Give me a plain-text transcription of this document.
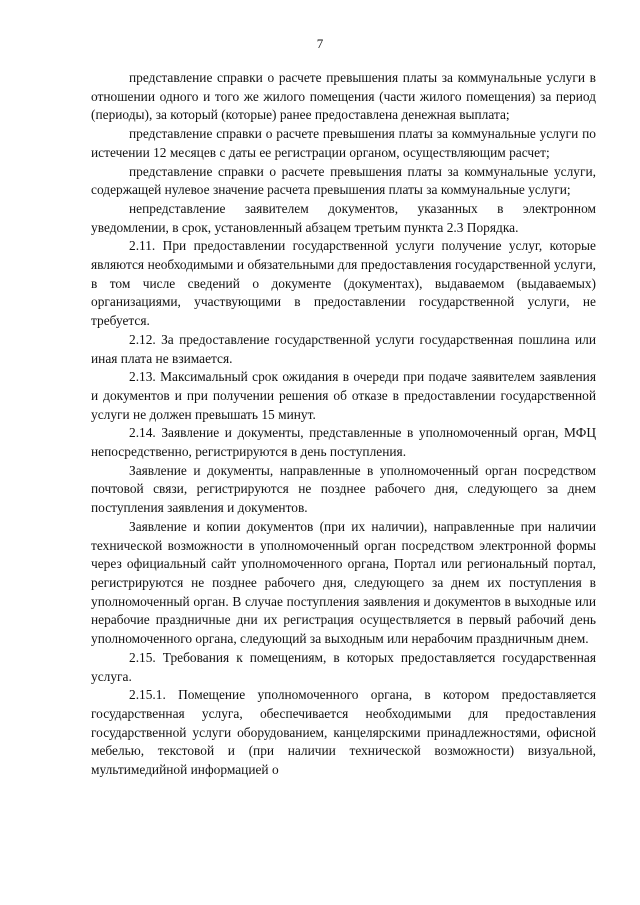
7

представление справки о расчете превышения платы за коммунальные услуги в отношении одного и того же жилого помещения (части жилого помещения) за период (периоды), за который (которые) ранее предоставлена денежная выплата;

представление справки о расчете превышения платы за коммунальные услуги по истечении 12 месяцев с даты ее регистрации органом, осуществляющим расчет;

представление справки о расчете превышения платы за коммунальные услуги, содержащей нулевое значение расчета превышения платы за коммунальные услуги;

непредставление заявителем документов, указанных в электронном уведомлении, в срок, установленный абзацем третьим пункта 2.3 Порядка.

2.11. При предоставлении государственной услуги получение услуг, которые являются необходимыми и обязательными для предоставления государственной услуги, в том числе сведений о документе (документах), выдаваемом (выдаваемых) организациями, участвующими в предоставлении государственной услуги, не требуется.

2.12. За предоставление государственной услуги государственная пошлина или иная плата не взимается.

2.13. Максимальный срок ожидания в очереди при подаче заявителем заявления и документов и при получении решения об отказе в предоставлении государственной услуги не должен превышать 15 минут.

2.14. Заявление и документы, представленные в уполномоченный орган, МФЦ непосредственно, регистрируются в день поступления.

Заявление и документы, направленные в уполномоченный орган посредством почтовой связи, регистрируются не позднее рабочего дня, следующего за днем поступления заявления и документов.

Заявление и копии документов (при их наличии), направленные при наличии технической возможности в уполномоченный орган посредством электронной формы через официальный сайт уполномоченного органа, Портал или региональный портал, регистрируются не позднее рабочего дня, следующего за днем их поступления в уполномоченный орган. В случае поступления заявления и документов в выходные или нерабочие праздничные дни их регистрация осуществляется в первый рабочий день уполномоченного органа, следующий за выходным или нерабочим праздничным днем.

2.15. Требования к помещениям, в которых предоставляется государственная услуга.

2.15.1. Помещение уполномоченного органа, в котором предоставляется государственная услуга, обеспечивается необходимыми для предоставления государственной услуги оборудованием, канцелярскими принадлежностями, офисной мебелью, текстовой и (при наличии технической возможности) визуальной, мультимедийной информацией о
